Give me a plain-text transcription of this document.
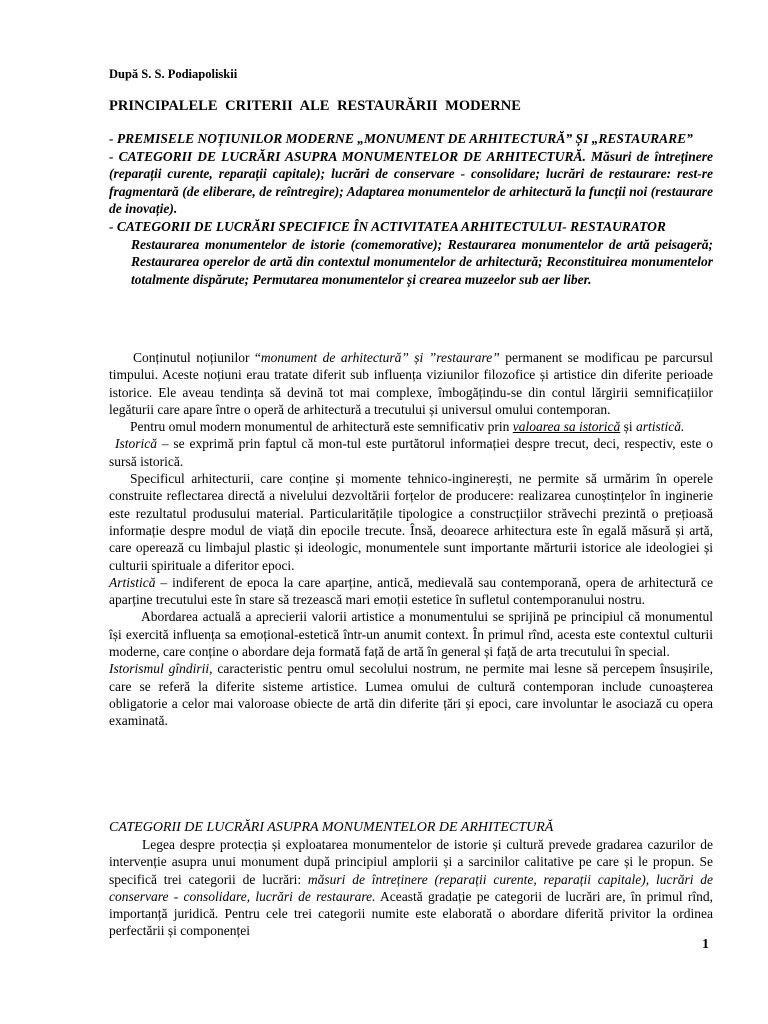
După S. S. Podiapoliskii
PRINCIPALELE CRITERII ALE RESTAURĂRII MODERNE

- PREMISELE NOȚIUNILOR MODERNE „MONUMENT DE ARHITECTURĂ” ȘI „RESTAURARE”

- CATEGORII DE LUCRĂRI ASUPRA MONUMENTELOR DE ARHITECTURĂ. Măsuri de întreținere (reparații curente, reparații capitale); lucrări de conservare - consolidare; lucrări de restaurare: rest-re fragmentară (de eliberare, de reîntregire); Adaptarea monumentelor de arhitectură la funcții noi (restaurare de inovație).

- CATEGORII DE LUCRĂRI SPECIFICE ÎN ACTIVITATEA ARHITECTULUI- RESTAURATOR

Restaurarea monumentelor de istorie (comemorative); Restaurarea monumentelor de artă peisageră; Restaurarea operelor de artă din contextul monumentelor de arhitectură; Reconstituirea monumentelor totalmente dispărute; Permutarea monumentelor și crearea muzeelor sub aer liber.

Conținutul noțiunilor “monument de arhitectură” și ”restaurare” permanent se modificau pe parcursul timpului. Aceste noțiuni erau tratate diferit sub influența viziunilor filozofice și artistice din diferite perioade istorice. Ele aveau tendința să devină tot mai complexe, îmbogățindu-se din contul lărgirii semnificațiilor legăturii care apare între o operă de arhitectură a trecutului și universul omului contemporan.

Pentru omul modern monumentul de arhitectură este semnificativ prin valoarea sa istorică și artistică.

Istorică – se exprimă prin faptul că mon-tul este purtătorul informației despre trecut, deci, respectiv, este o sursă istorică.

Specificul arhitecturii, care conține și momente tehnico-inginerești, ne permite să urmărim în operele construite reflectarea directă a nivelului dezvoltării forțelor de producere: realizarea cunoștințelor în inginerie este rezultatul produsului material. Particularitățile tipologice a construcțiilor străvechi prezintă o prețioasă informație despre modul de viață din epocile trecute. Însă, deoarece arhitectura este în egală măsură și artă, care operează cu limbajul plastic și ideologic, monumentele sunt importante mărturii istorice ale ideologiei și culturii spirituale a diferitor epoci.

Artistică – indiferent de epoca la care aparține, antică, medievală sau contemporană, opera de arhitectură ce aparține trecutului este în stare să trezească mari emoții estetice în sufletul contemporanului nostru.

Abordarea actuală a aprecierii valorii artistice a monumentului se sprijină pe principiul că monumentul își exercită influența sa emoțional-estetică într-un anumit context. În primul rînd, acesta este contextul culturii moderne, care conține o abordare deja formată față de artă în general și față de arta trecutului în special.

Istorismul gîndirii, caracteristic pentru omul secolului nostrum, ne permite mai lesne să percepem însușirile, care se referă la diferite sisteme artistice. Lumea omului de cultură contemporan include cunoașterea obligatorie a celor mai valoroase obiecte de artă din diferite țări și epoci, care involuntar le asociază cu opera examinată.

CATEGORII DE LUCRĂRI ASUPRA MONUMENTELOR DE ARHITECTURĂ

Legea despre protecția și exploatarea monumentelor de istorie și cultură prevede gradarea cazurilor de intervenție asupra unui monument după principiul amplorii și a sarcinilor calitative pe care și le propun. Se specifică trei categorii de lucrări: măsuri de întreținere (reparații curente, reparații capitale), lucrări de conservare - consolidare, lucrări de restaurare. Această gradație pe categorii de lucrări are, în primul rînd, importanță juridică. Pentru cele trei categorii numite este elaborată o abordare diferită privitor la ordinea perfectării și componenței

1
